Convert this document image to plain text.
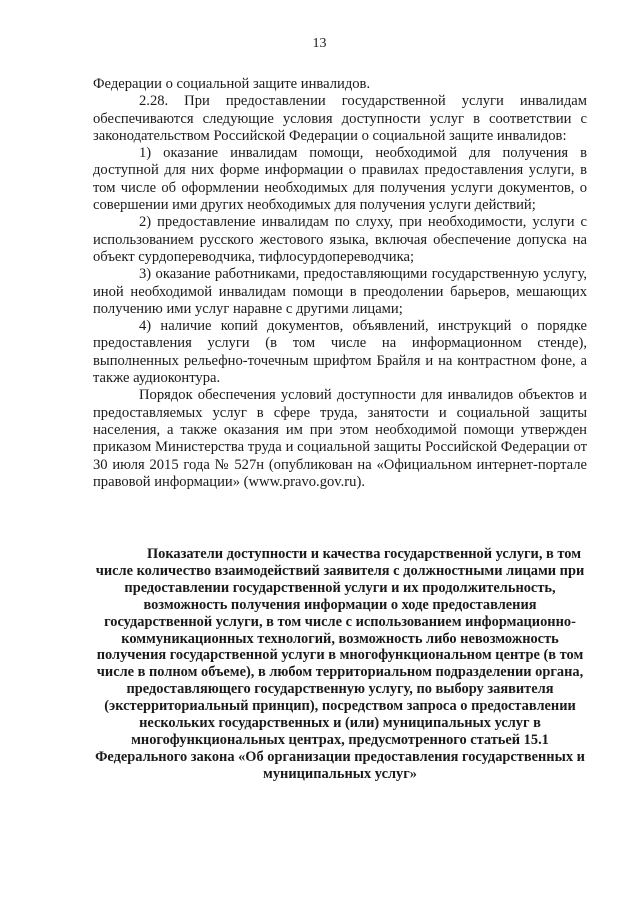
13

Федерации о социальной защите инвалидов.

2.28. При предоставлении государственной услуги инвалидам обеспечиваются следующие условия доступности услуг в соответствии с законодательством Российской Федерации о социальной защите инвалидов:

1) оказание инвалидам помощи, необходимой для получения в доступной для них форме информации о правилах предоставления услуги, в том числе об оформлении необходимых для получения услуги документов, о совершении ими других необходимых для получения услуги действий;

2) предоставление инвалидам по слуху, при необходимости, услуги с использованием русского жестового языка, включая обеспечение допуска на объект сурдопереводчика, тифлосурдопереводчика;

3) оказание работниками, предоставляющими государственную услугу, иной необходимой инвалидам помощи в преодолении барьеров, мешающих получению ими услуг наравне с другими лицами;

4) наличие копий документов, объявлений, инструкций о порядке предоставления услуги (в том числе на информационном стенде), выполненных рельефно-точечным шрифтом Брайля и на контрастном фоне, а также аудиоконтура.

Порядок обеспечения условий доступности для инвалидов объектов и предоставляемых услуг в сфере труда, занятости и социальной защиты населения, а также оказания им при этом необходимой помощи утвержден приказом Министерства труда и социальной защиты Российской Федерации от 30 июля 2015 года № 527н (опубликован на «Официальном интернет-портале правовой информации» (www.pravo.gov.ru).

Показатели доступности и качества государственной услуги, в том числе количество взаимодействий заявителя с должностными лицами при предоставлении государственной услуги и их продолжительность, возможность получения информации о ходе предоставления государственной услуги, в том числе с использованием информационно-коммуникационных технологий, возможность либо невозможность получения государственной услуги в многофункциональном центре (в том числе в полном объеме), в любом территориальном подразделении органа, предоставляющего государственную услугу, по выбору заявителя (экстерриториальный принцип), посредством запроса о предоставлении нескольких государственных и (или) муниципальных услуг в многофункциональных центрах, предусмотренного статьей 15.1 Федерального закона «Об организации предоставления государственных и муниципальных услуг»
